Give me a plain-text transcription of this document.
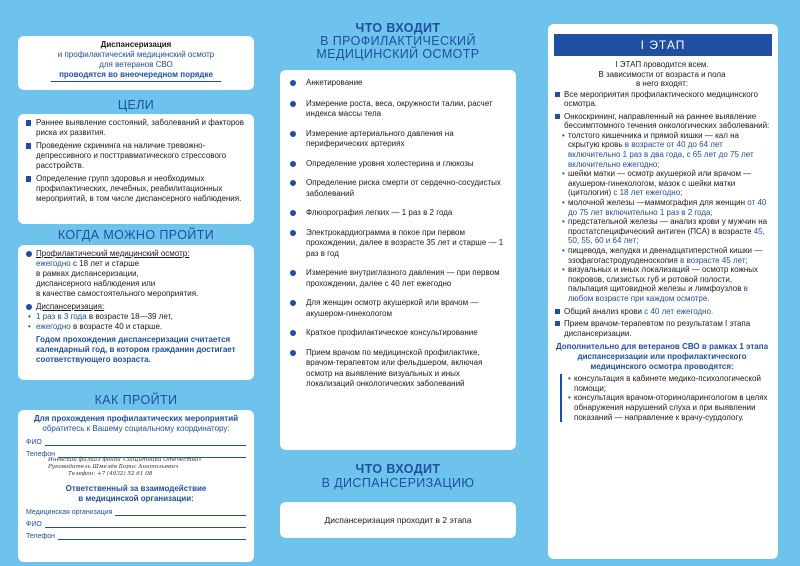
Диспансеризация
и профилактический медицинский осмотр
для ветеранов СВО
проводятся во внеочередном порядке
ЦЕЛИ
Раннее выявление состояний, заболеваний и факторов риска их развития.
Проведение скрининга на наличие тревожно-депрессивного и посттравматического стрессового расстройств.
Определение групп здоровья и необходимых профилактических, лечебных, реабилитационных мероприятий, в том числе диспансерного наблюдения.
КОГДА МОЖНО ПРОЙТИ
Профилактический медицинский осмотр:
ежегодно с 18 лет и старше
в рамках диспансеризации,
диспансерного наблюдения или
в качестве самостоятельного мероприятия.
Диспансеризация:
• 1 раз в 3 года в возрасте 18—39 лет,
• ежегодно в возрасте 40 и старше.
Годом прохождения диспансеризации считается календарный год, в котором гражданин достигает соответствующего возраста.
КАК ПРОЙТИ
Для прохождения профилактических мероприятий
обратитесь к Вашему социальному координатору:
ФИО
Телефон
Иневский филиал фонда «Защитники Отечества»
Руководитель Шмелёв Борис Анатольевич
Телефон: +7 (4932) 52 61 08
Ответственный за взаимодействие
в медицинской организации:
Медицинская организация
ФИО
Телефон
ЧТО ВХОДИТ
В ПРОФИЛАКТИЧЕСКИЙ
МЕДИЦИНСКИЙ ОСМОТР
Анкетирование
Измерение роста, веса, окружности талии, расчет индекса массы тела
Измерение артериального давления на периферических артериях
Определение уровня холестерина и глюкозы
Определение риска смерти от сердечно-сосудистых заболеваний
Флюорография легких — 1 раз в 2 года
Электрокардиограмма в покое при первом прохождении, далее в возрасте 35 лет и старше — 1 раз в год
Измерение внутриглазного давления — при первом прохождении, далее с 40 лет ежегодно
Для женщин осмотр акушеркой или врачом — акушером-гинекологом
Краткое профилактическое консультирование
Прием врачом по медицинской профилактике, врачом-терапевтом или фельдшером, включая осмотр на выявление визуальных и иных локализаций онкологических заболеваний
ЧТО ВХОДИТ
В ДИСПАНСЕРИЗАЦИЮ
Диспансеризация проходит в 2 этапа
I ЭТАП
I ЭТАП проводится всем.
В зависимости от возраста и пола
в него входят:
Все мероприятия профилактического медицинского осмотра.
Онкоскрининг, направленный на раннее выявление бессимптомного течения онкологических заболеваний:
• толстого кишечника и прямой кишки — кал на скрытую кровь в возрасте от 40 до 64 лет включительно 1 раз в два года, с 65 лет до 75 лет включительно ежегодно;
• шейки матки — осмотр акушеркой или врачом — акушером-гинекологом, мазок с шейки матки (цитология) с 18 лет ежегодно;
• молочной железы —маммография для женщин от 40 до 75 лет включительно 1 раз в 2 года;
• предстательной железы — анализ крови у мужчин на простатспецифический антиген (ПСА) в возрасте 45, 50, 55, 60 и 64 лет;
• пищевода, желудка и двенадцатиперстной кишки — эзофагогастродуоденоскопия в возрасте 45 лет;
• визуальных и иных локализаций — осмотр кожных покровов, слизистых губ и ротовой полости, пальпация щитовидной железы и лимфоузлов в любом возрасте при каждом осмотре.
Общий анализ крови с 40 лет ежегодно.
Прием врачом-терапевтом по результатам I этапа диспансеризации.
Дополнительно для ветеранов СВО в рамках 1 этапа диспансеризации или профилактического медицинского осмотра проводятся:
• консультация в кабинете медико-психологической помощи;
• консультация врачом-оториноларингологом в целях обнаружения нарушений слуха и при выявлении показаний — направление к врачу-сурдологу.
